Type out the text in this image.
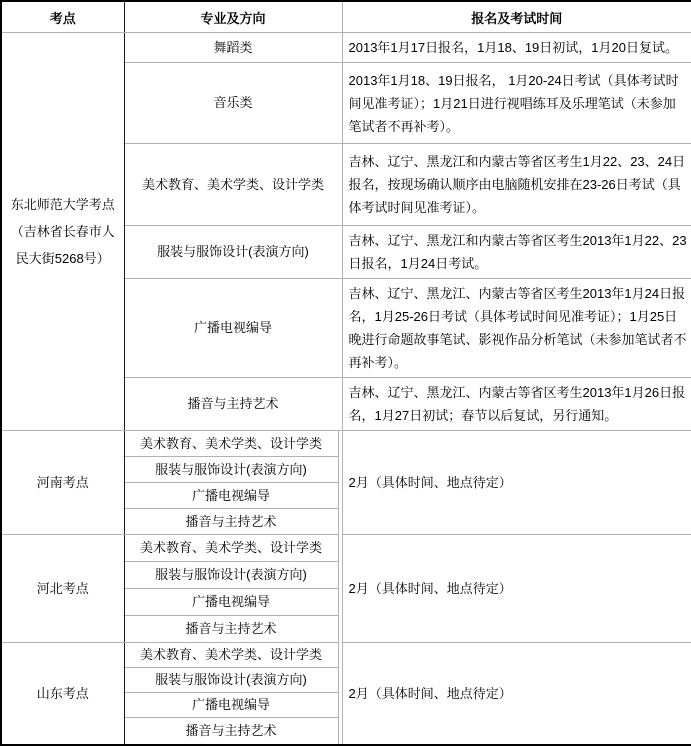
考点	专业及方向		报名及考试时间
东北师范大学考点（吉林省长春市人民大街5268号）	舞蹈类		2013年1月17日报名，1月18、19日初试，1月20日复试。
	音乐类		2013年1月18、19日报名， 1月20-24日考试（具体考试时间见准考证）；1月21日进行视唱练耳及乐理笔试（未参加笔试者不再补考）。
	美术教育、美术学类、设计学类		吉林、辽宁、黑龙江和内蒙古等省区考生1月22、23、24日报名，按现场确认顺序由电脑随机安排在23-26日考试（具体考试时间见准考证）。
	服装与服饰设计(表演方向)		吉林、辽宁、黑龙江和内蒙古等省区考生2013年1月22、23日报名，1月24日考试。
	广播电视编导		吉林、辽宁、黑龙江、内蒙古等省区考生2013年1月24日报名，1月25-26日考试（具体考试时间见准考证）；1月25日晚进行命题故事笔试、影视作品分析笔试（未参加笔试者不再补考）。
	播音与主持艺术		吉林、辽宁、黑龙江、内蒙古等省区考生2013年1月26日报名，1月27日初试；春节以后复试，另行通知。
河南考点	美术教育、美术学类、设计学类		2月（具体时间、地点待定）
	服装与服饰设计(表演方向)		
	广播电视编导		
	播音与主持艺术		
河北考点	美术教育、美术学类、设计学类		2月（具体时间、地点待定）
	服装与服饰设计(表演方向)		
	广播电视编导		
	播音与主持艺术		
山东考点	美术教育、美术学类、设计学类		2月（具体时间、地点待定）
	服装与服饰设计(表演方向)		
	广播电视编导		
	播音与主持艺术		
